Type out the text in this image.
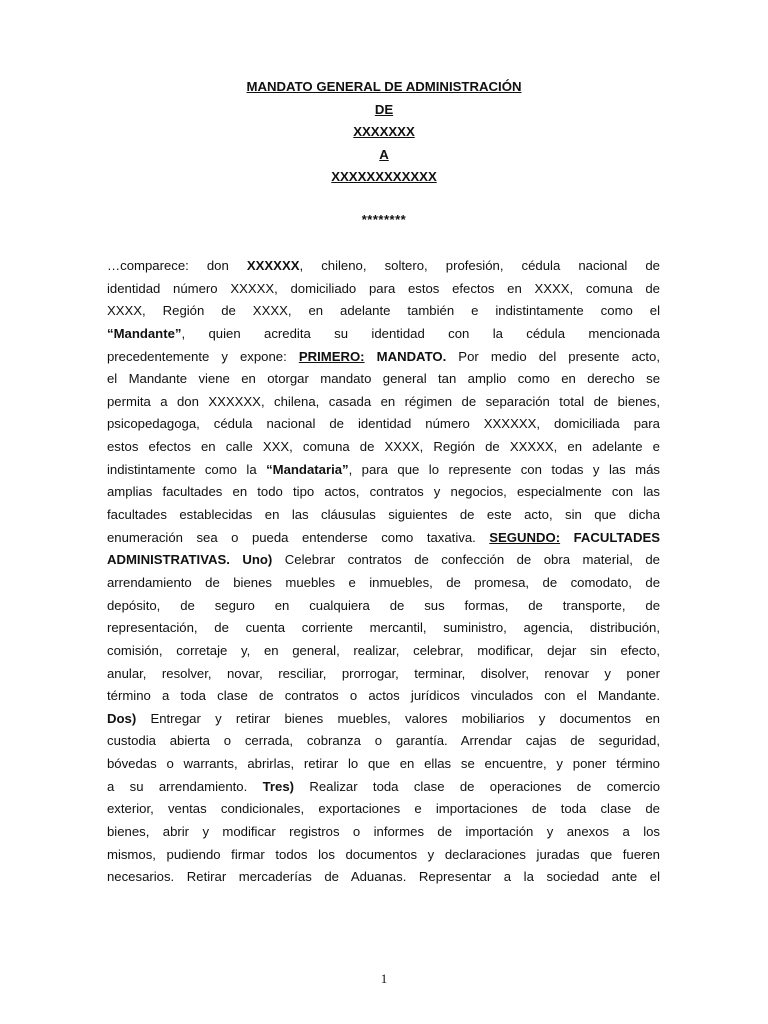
MANDATO GENERAL DE ADMINISTRACIÓN
DE
XXXXXXX
A
XXXXXXXXXXXX
********
…comparece: don XXXXXX, chileno, soltero, profesión, cédula nacional de
identidad número XXXXX, domiciliado para estos efectos en XXXX, comuna de
XXXX, Región de XXXX, en adelante también e indistintamente como el
“Mandante”, quien acredita su identidad con la cédula mencionada
precedentemente y expone: PRIMERO: MANDATO. Por medio del presente acto,
el Mandante viene en otorgar mandato general tan amplio como en derecho se
permita a don XXXXXX, chilena, casada en régimen de separación total de bienes,
psicopedagoga, cédula nacional de identidad número XXXXXX, domiciliada para
estos efectos en calle XXX, comuna de XXXX, Región de XXXXX, en adelante e
indistintamente como la “Mandataria”, para que lo represente con todas y las más
amplias facultades en todo tipo actos, contratos y negocios, especialmente con las
facultades establecidas en las cláusulas siguientes de este acto, sin que dicha
enumeración sea o pueda entenderse como taxativa. SEGUNDO: FACULTADES
ADMINISTRATIVAS. Uno) Celebrar contratos de confección de obra material, de
arrendamiento de bienes muebles e inmuebles, de promesa, de comodato, de
depósito, de seguro en cualquiera de sus formas, de transporte, de
representación, de cuenta corriente mercantil, suministro, agencia, distribución,
comisión, corretaje y, en general, realizar, celebrar, modificar, dejar sin efecto,
anular, resolver, novar, resciliar, prorrogar, terminar, disolver, renovar y poner
término a toda clase de contratos o actos jurídicos vinculados con el Mandante.
Dos) Entregar y retirar bienes muebles, valores mobiliarios y documentos en
custodia abierta o cerrada, cobranza o garantía. Arrendar cajas de seguridad,
bóvedas o warrants, abrirlas, retirar lo que en ellas se encuentre, y poner término
a su arrendamiento. Tres) Realizar toda clase de operaciones de comercio
exterior, ventas condicionales, exportaciones e importaciones de toda clase de
bienes, abrir y modificar registros o informes de importación y anexos a los
mismos, pudiendo firmar todos los documentos y declaraciones juradas que fueren
necesarios. Retirar mercaderías de Aduanas. Representar a la sociedad ante el
1
